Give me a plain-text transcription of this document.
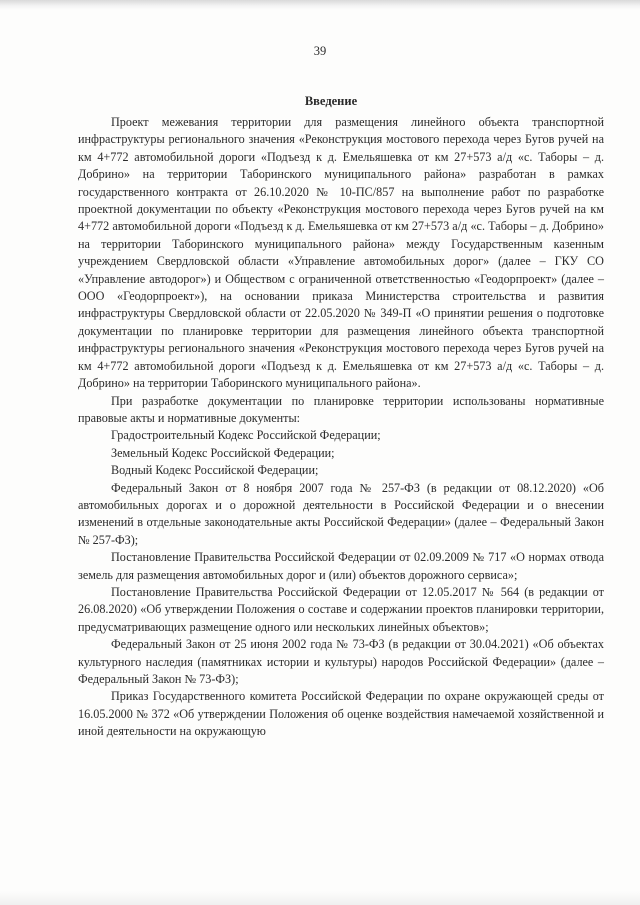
39
Введение

Проект межевания территории для размещения линейного объекта транспортной инфраструктуры регионального значения «Реконструкция мостового перехода через Бугов ручей на км 4+772 автомобильной дороги «Подъезд к д. Емельяшевка от км 27+573 а/д «с. Таборы – д. Добрино» на территории Таборинского муниципального района» разработан в рамках государственного контракта от 26.10.2020 № 10-ПС/857 на выполнение работ по разработке проектной документации по объекту «Реконструкция мостового перехода через Бугов ручей на км 4+772 автомобильной дороги «Подъезд к д. Емельяшевка от км 27+573 а/д «с. Таборы – д. Добрино» на территории Таборинского муниципального района» между Государственным казенным учреждением Свердловской области «Управление автомобильных дорог» (далее – ГКУ СО «Управление автодорог») и Обществом с ограниченной ответственностью «Геодорпроект» (далее – ООО «Геодорпроект»), на основании приказа Министерства строительства и развития инфраструктуры Свердловской области от 22.05.2020 № 349-П «О принятии решения о подготовке документации по планировке территории для размещения линейного объекта транспортной инфраструктуры регионального значения «Реконструкция мостового перехода через Бугов ручей на км 4+772 автомобильной дороги «Подъезд к д. Емельяшевка от км 27+573 а/д «с. Таборы – д. Добрино» на территории Таборинского муниципального района».

При разработке документации по планировке территории использованы нормативные правовые акты и нормативные документы:

Градостроительный Кодекс Российской Федерации;

Земельный Кодекс Российской Федерации;

Водный Кодекс Российской Федерации;

Федеральный Закон от 8 ноября 2007 года № 257-ФЗ (в редакции от 08.12.2020) «Об автомобильных дорогах и о дорожной деятельности в Российской Федерации и о внесении изменений в отдельные законодательные акты Российской Федерации» (далее – Федеральный Закон № 257-ФЗ);

Постановление Правительства Российской Федерации от 02.09.2009 № 717 «О нормах отвода земель для размещения автомобильных дорог и (или) объектов дорожного сервиса»;

Постановление Правительства Российской Федерации от 12.05.2017 № 564 (в редакции от 26.08.2020) «Об утверждении Положения о составе и содержании проектов планировки территории, предусматривающих размещение одного или нескольких линейных объектов»;

Федеральный Закон от 25 июня 2002 года № 73-ФЗ (в редакции от 30.04.2021) «Об объектах культурного наследия (памятниках истории и культуры) народов Российской Федерации» (далее – Федеральный Закон № 73-ФЗ);

Приказ Государственного комитета Российской Федерации по охране окружающей среды от 16.05.2000 № 372 «Об утверждении Положения об оценке воздействия намечаемой хозяйственной и иной деятельности на окружающую
